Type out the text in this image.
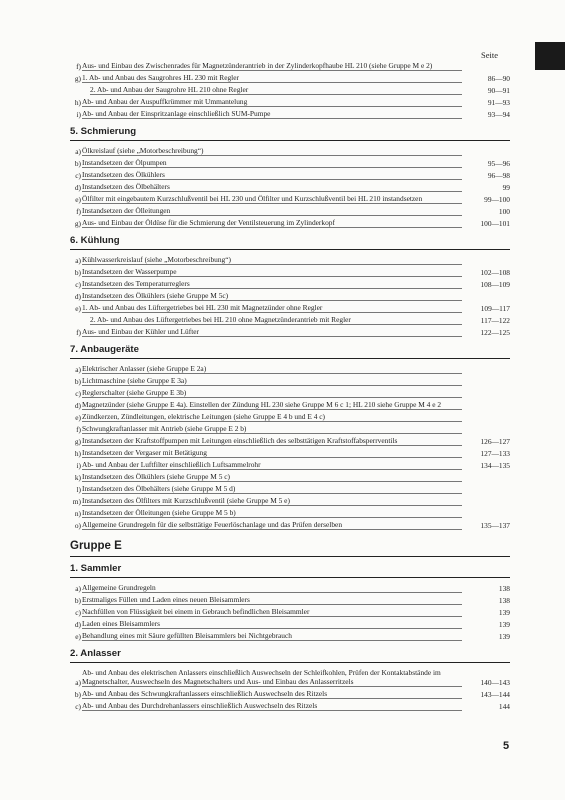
Seite
f) Aus- und Einbau des Zwischenrades für Magnetzünderantrieb in der Zylinderkopfhaube HL 210 (siehe Gruppe M e 2)
g) 1. Ab- und Anbau des Saugrohres HL 230 mit Regler	86—90
2. Ab- und Anbau der Saugrohre HL 210 ohne Regler	90—91
h) Ab- und Anbau der Auspuffkrümmer mit Ummantelung	91—93
i) Ab- und Anbau der Einspritzanlage einschließlich SUM-Pumpe	93—94
5. Schmierung
a) Ölkreislauf (siehe „Motorbeschreibung“)
b) Instandsetzen der Ölpumpen	95—96
c) Instandsetzen des Ölkühlers	96—98
d) Instandsetzen des Ölbehälters	99
e) Ölfilter mit eingebautem Kurzschlußventil bei HL 230 und Ölfilter und Kurzschlußventil bei HL 210 instandsetzen	99—100
f) Instandsetzen der Ölleitungen	100
g) Aus- und Einbau der Öldüse für die Schmierung der Ventilsteuerung im Zylinderkopf	100—101
6. Kühlung
a) Kühlwasserkreislauf (siehe „Motorbeschreibung“)
b) Instandsetzen der Wasserpumpe	102—108
c) Instandsetzen des Temperaturreglers	108—109
d) Instandsetzen des Ölkühlers (siehe Gruppe M 5c)
e) 1. Ab- und Anbau des Lüftergetriebes bei HL 230 mit Magnetzünder ohne Regler	109—117
2. Ab- und Anbau des Lüftergetriebes bei HL 210 ohne Magnetzünderantrieb mit Regler	117—122
f) Aus- und Einbau der Kühler und Lüfter	122—125
7. Anbaugeräte
a) Elektrischer Anlasser (siehe Gruppe E 2a)
b) Lichtmaschine (siehe Gruppe E 3a)
c) Reglerschalter (siehe Gruppe E 3b)
d) Magnetzünder (siehe Gruppe E 4a). Einstellen der Zündung HL 230 siehe Gruppe M 6 c 1; HL 210 siehe Gruppe M 4 e 2
e) Zündkerzen, Zündleitungen, elektrische Leitungen (siehe Gruppe E 4 b und E 4 c)
f) Schwungkraftanlasser mit Antrieb (siehe Gruppe E 2 b)
g) Instandsetzen der Kraftstoffpumpen mit Leitungen einschließlich des selbsttätigen Kraftstoffabsperrventils	126—127
h) Instandsetzen der Vergaser mit Betätigung	127—133
i) Ab- und Anbau der Luftfilter einschließlich Luftsammelrohr	134—135
k) Instandsetzen des Ölkühlers (siehe Gruppe M 5 c)
l) Instandsetzen des Ölbehälters (siehe Gruppe M 5 d)
m) Instandsetzen des Ölfilters mit Kurzschlußventil (siehe Gruppe M 5 e)
n) Instandsetzen der Ölleitungen (siehe Gruppe M 5 b)
o) Allgemeine Grundregeln für die selbsttätige Feuerlöschanlage und das Prüfen derselben	135—137
Gruppe E
1. Sammler
a) Allgemeine Grundregeln	138
b) Erstmaliges Füllen und Laden eines neuen Bleisammlers	138
c) Nachfüllen von Flüssigkeit bei einem in Gebrauch befindlichen Bleisammler	139
d) Laden eines Bleisammlers	139
e) Behandlung eines mit Säure gefüllten Bleisammlers bei Nichtgebrauch	139
2. Anlasser
a)
Ab- und Anbau des elektrischen Anlassers einschließlich Auswechseln der Schleifkohlen, Prüfen der Kontaktabstände im Magnetschalter, Auswechseln des Magnetschalters und Aus- und Einbau des Anlasserritzels	140—143
b) Ab- und Anbau des Schwungkraftanlassers einschließlich Auswechseln des Ritzels	143—144
c) Ab- und Anbau des Durchdrehanlassers einschließlich Auswechseln des Ritzels	144
5
